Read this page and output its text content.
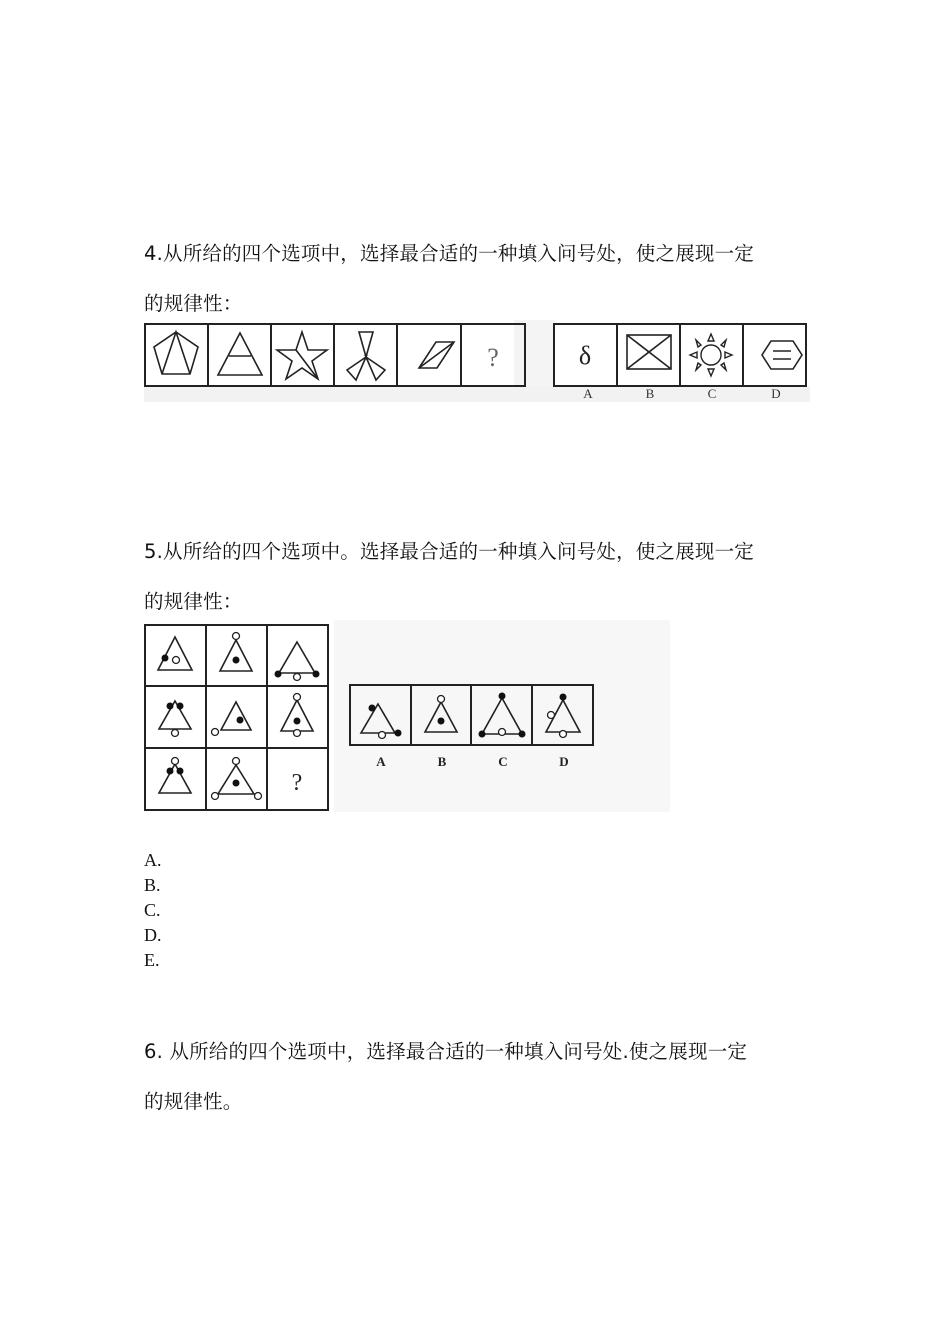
4.从所给的四个选项中，选择最合适的一种填入问号处，使之展现一定
的规律性：
?	δ
A	B	C	D
5.从所给的四个选项中。选择最合适的一种填入问号处，使之展现一定
的规律性：
?
A	B	C	D
A.
B.
C.
D.
E.
6. 从所给的四个选项中，选择最合适的一种填入问号处.使之展现一定
的规律性。
